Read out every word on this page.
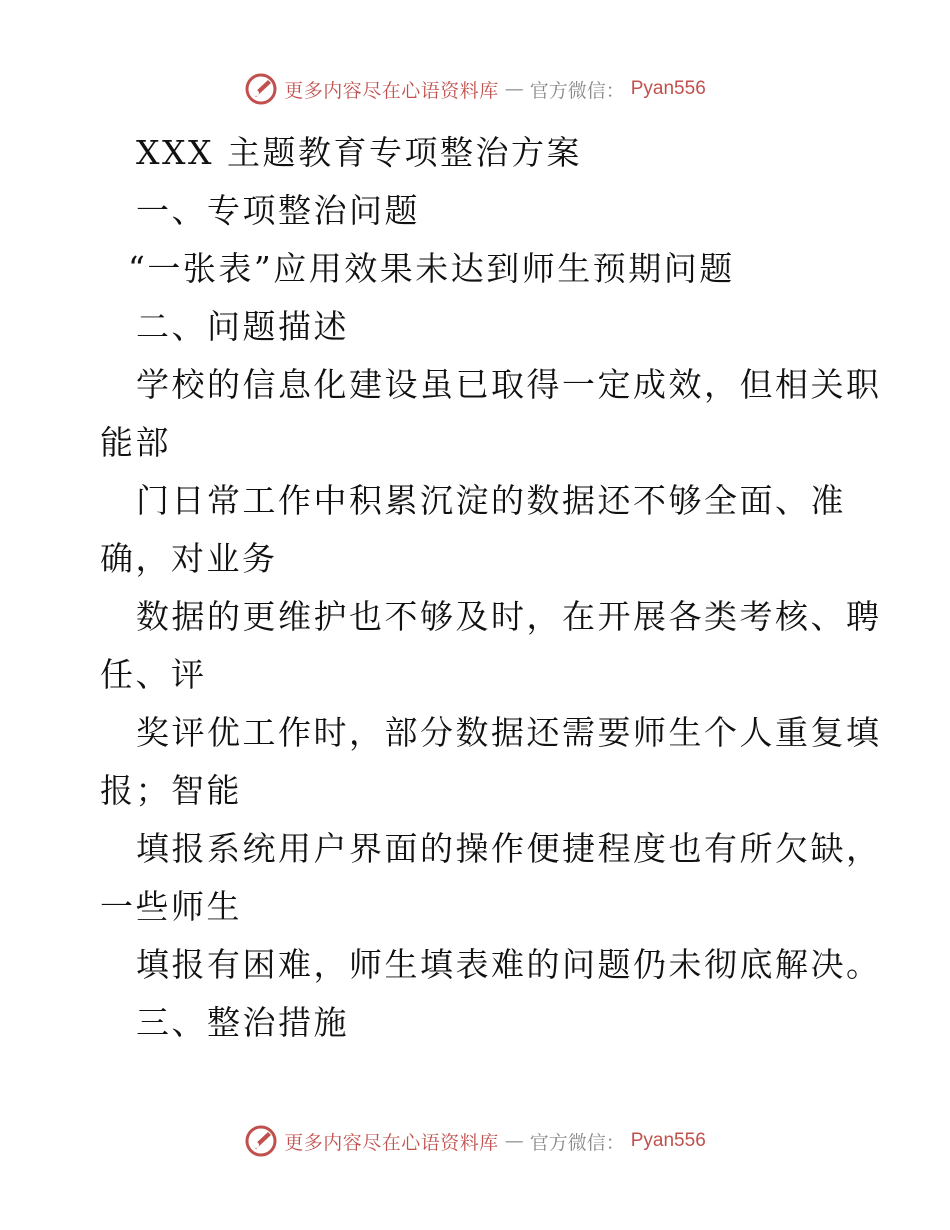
更多内容尽在心语资料库 — 官方微信： Pyan556
XXX 主题教育专项整治方案
一、专项整治问题
“一张表”应用效果未达到师生预期问题
二、问题描述
学校的信息化建设虽已取得一定成效，但相关职
能部
门日常工作中积累沉淀的数据还不够全面、准
确，对业务
数据的更维护也不够及时，在开展各类考核、聘
任、评
奖评优工作时，部分数据还需要师生个人重复填
报；智能
填报系统用户界面的操作便捷程度也有所欠缺，
一些师生
填报有困难，师生填表难的问题仍未彻底解决。
三、整治措施
更多内容尽在心语资料库 — 官方微信： Pyan556
